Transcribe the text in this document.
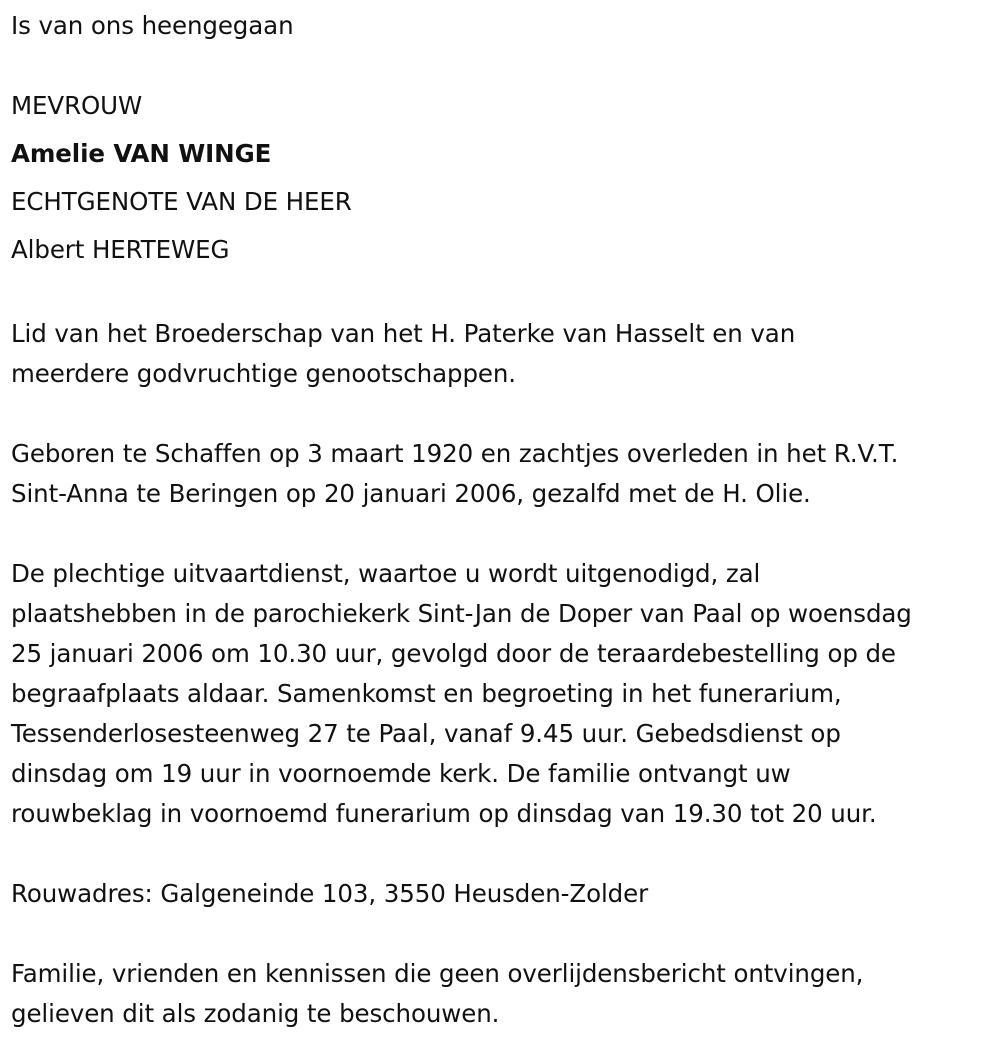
Is van ons heengegaan
MEVROUW
Amelie VAN WINGE
ECHTGENOTE VAN DE HEER
Albert HERTEWEG
Lid van het Broederschap van het H. Paterke van Hasselt en van
meerdere godvruchtige genootschappen.
Geboren te Schaffen op 3 maart 1920 en zachtjes overleden in het R.V.T.
Sint-Anna te Beringen op 20 januari 2006, gezalfd met de H. Olie.
De plechtige uitvaartdienst, waartoe u wordt uitgenodigd, zal
plaatshebben in de parochiekerk Sint-Jan de Doper van Paal op woensdag
25 januari 2006 om 10.30 uur, gevolgd door de teraardebestelling op de
begraafplaats aldaar. Samenkomst en begroeting in het funerarium,
Tessenderlosesteenweg 27 te Paal, vanaf 9.45 uur. Gebedsdienst op
dinsdag om 19 uur in voornoemde kerk. De familie ontvangt uw
rouwbeklag in voornoemd funerarium op dinsdag van 19.30 tot 20 uur.
Rouwadres: Galgeneinde 103, 3550 Heusden-Zolder
Familie, vrienden en kennissen die geen overlijdensbericht ontvingen,
gelieven dit als zodanig te beschouwen.
